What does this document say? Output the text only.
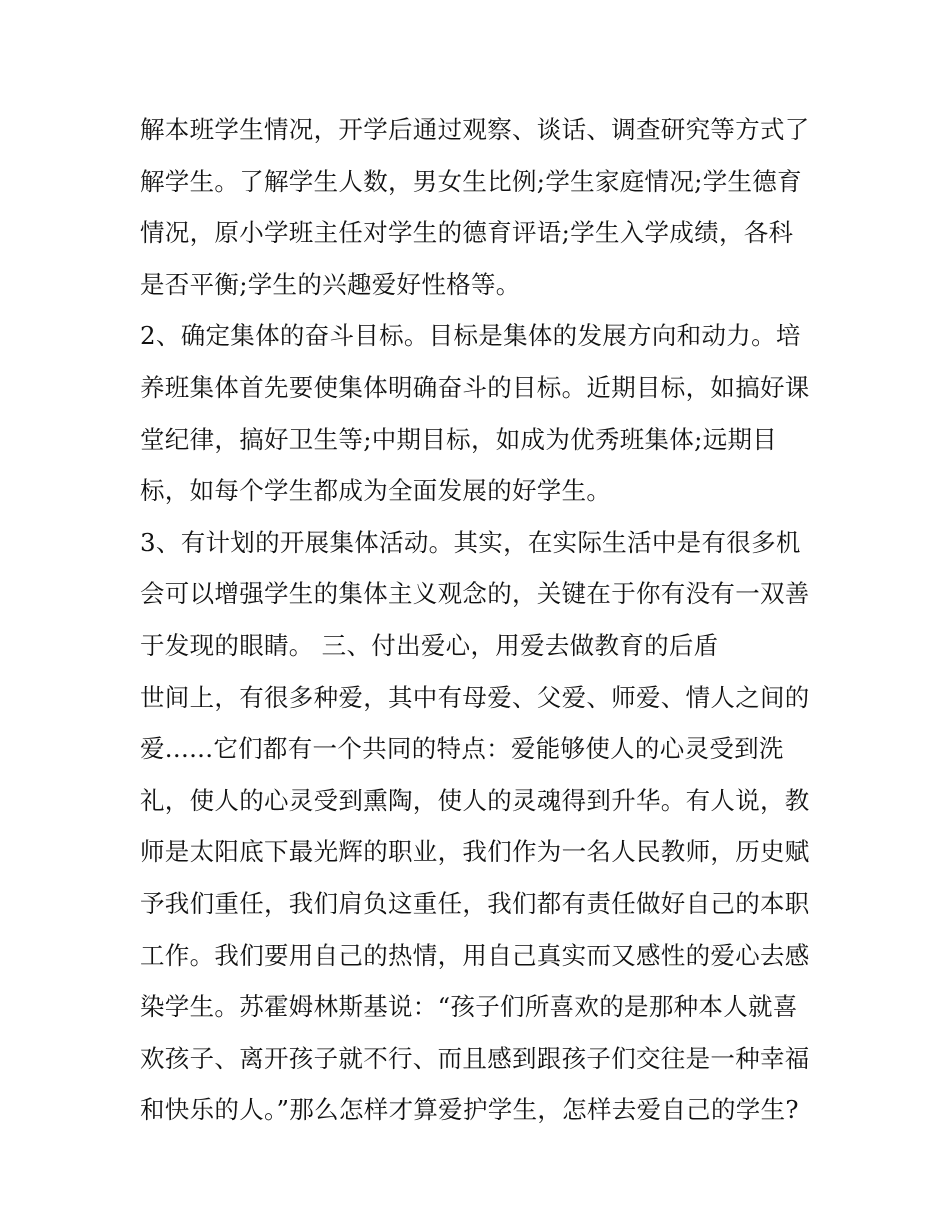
解本班学生情况，开学后通过观察、谈话、调查研究等方式了
解学生。了解学生人数，男女生比例;学生家庭情况;学生德育
情况，原小学班主任对学生的德育评语;学生入学成绩，各科
是否平衡;学生的兴趣爱好性格等。
2、确定集体的奋斗目标。目标是集体的发展方向和动力。培
养班集体首先要使集体明确奋斗的目标。近期目标，如搞好课
堂纪律，搞好卫生等;中期目标，如成为优秀班集体;远期目
标，如每个学生都成为全面发展的好学生。
3、有计划的开展集体活动。其实，在实际生活中是有很多机
会可以增强学生的集体主义观念的，关键在于你有没有一双善
于发现的眼睛。 三、付出爱心，用爱去做教育的后盾
世间上，有很多种爱，其中有母爱、父爱、师爱、情人之间的
爱......它们都有一个共同的特点：爱能够使人的心灵受到洗
礼，使人的心灵受到熏陶，使人的灵魂得到升华。有人说，教
师是太阳底下最光辉的职业，我们作为一名人民教师，历史赋
予我们重任，我们肩负这重任，我们都有责任做好自己的本职
工作。我们要用自己的热情，用自己真实而又感性的爱心去感
染学生。苏霍姆林斯基说：“孩子们所喜欢的是那种本人就喜
欢孩子、离开孩子就不行、而且感到跟孩子们交往是一种幸福
和快乐的人。”那么怎样才算爱护学生，怎样去爱自己的学生?
